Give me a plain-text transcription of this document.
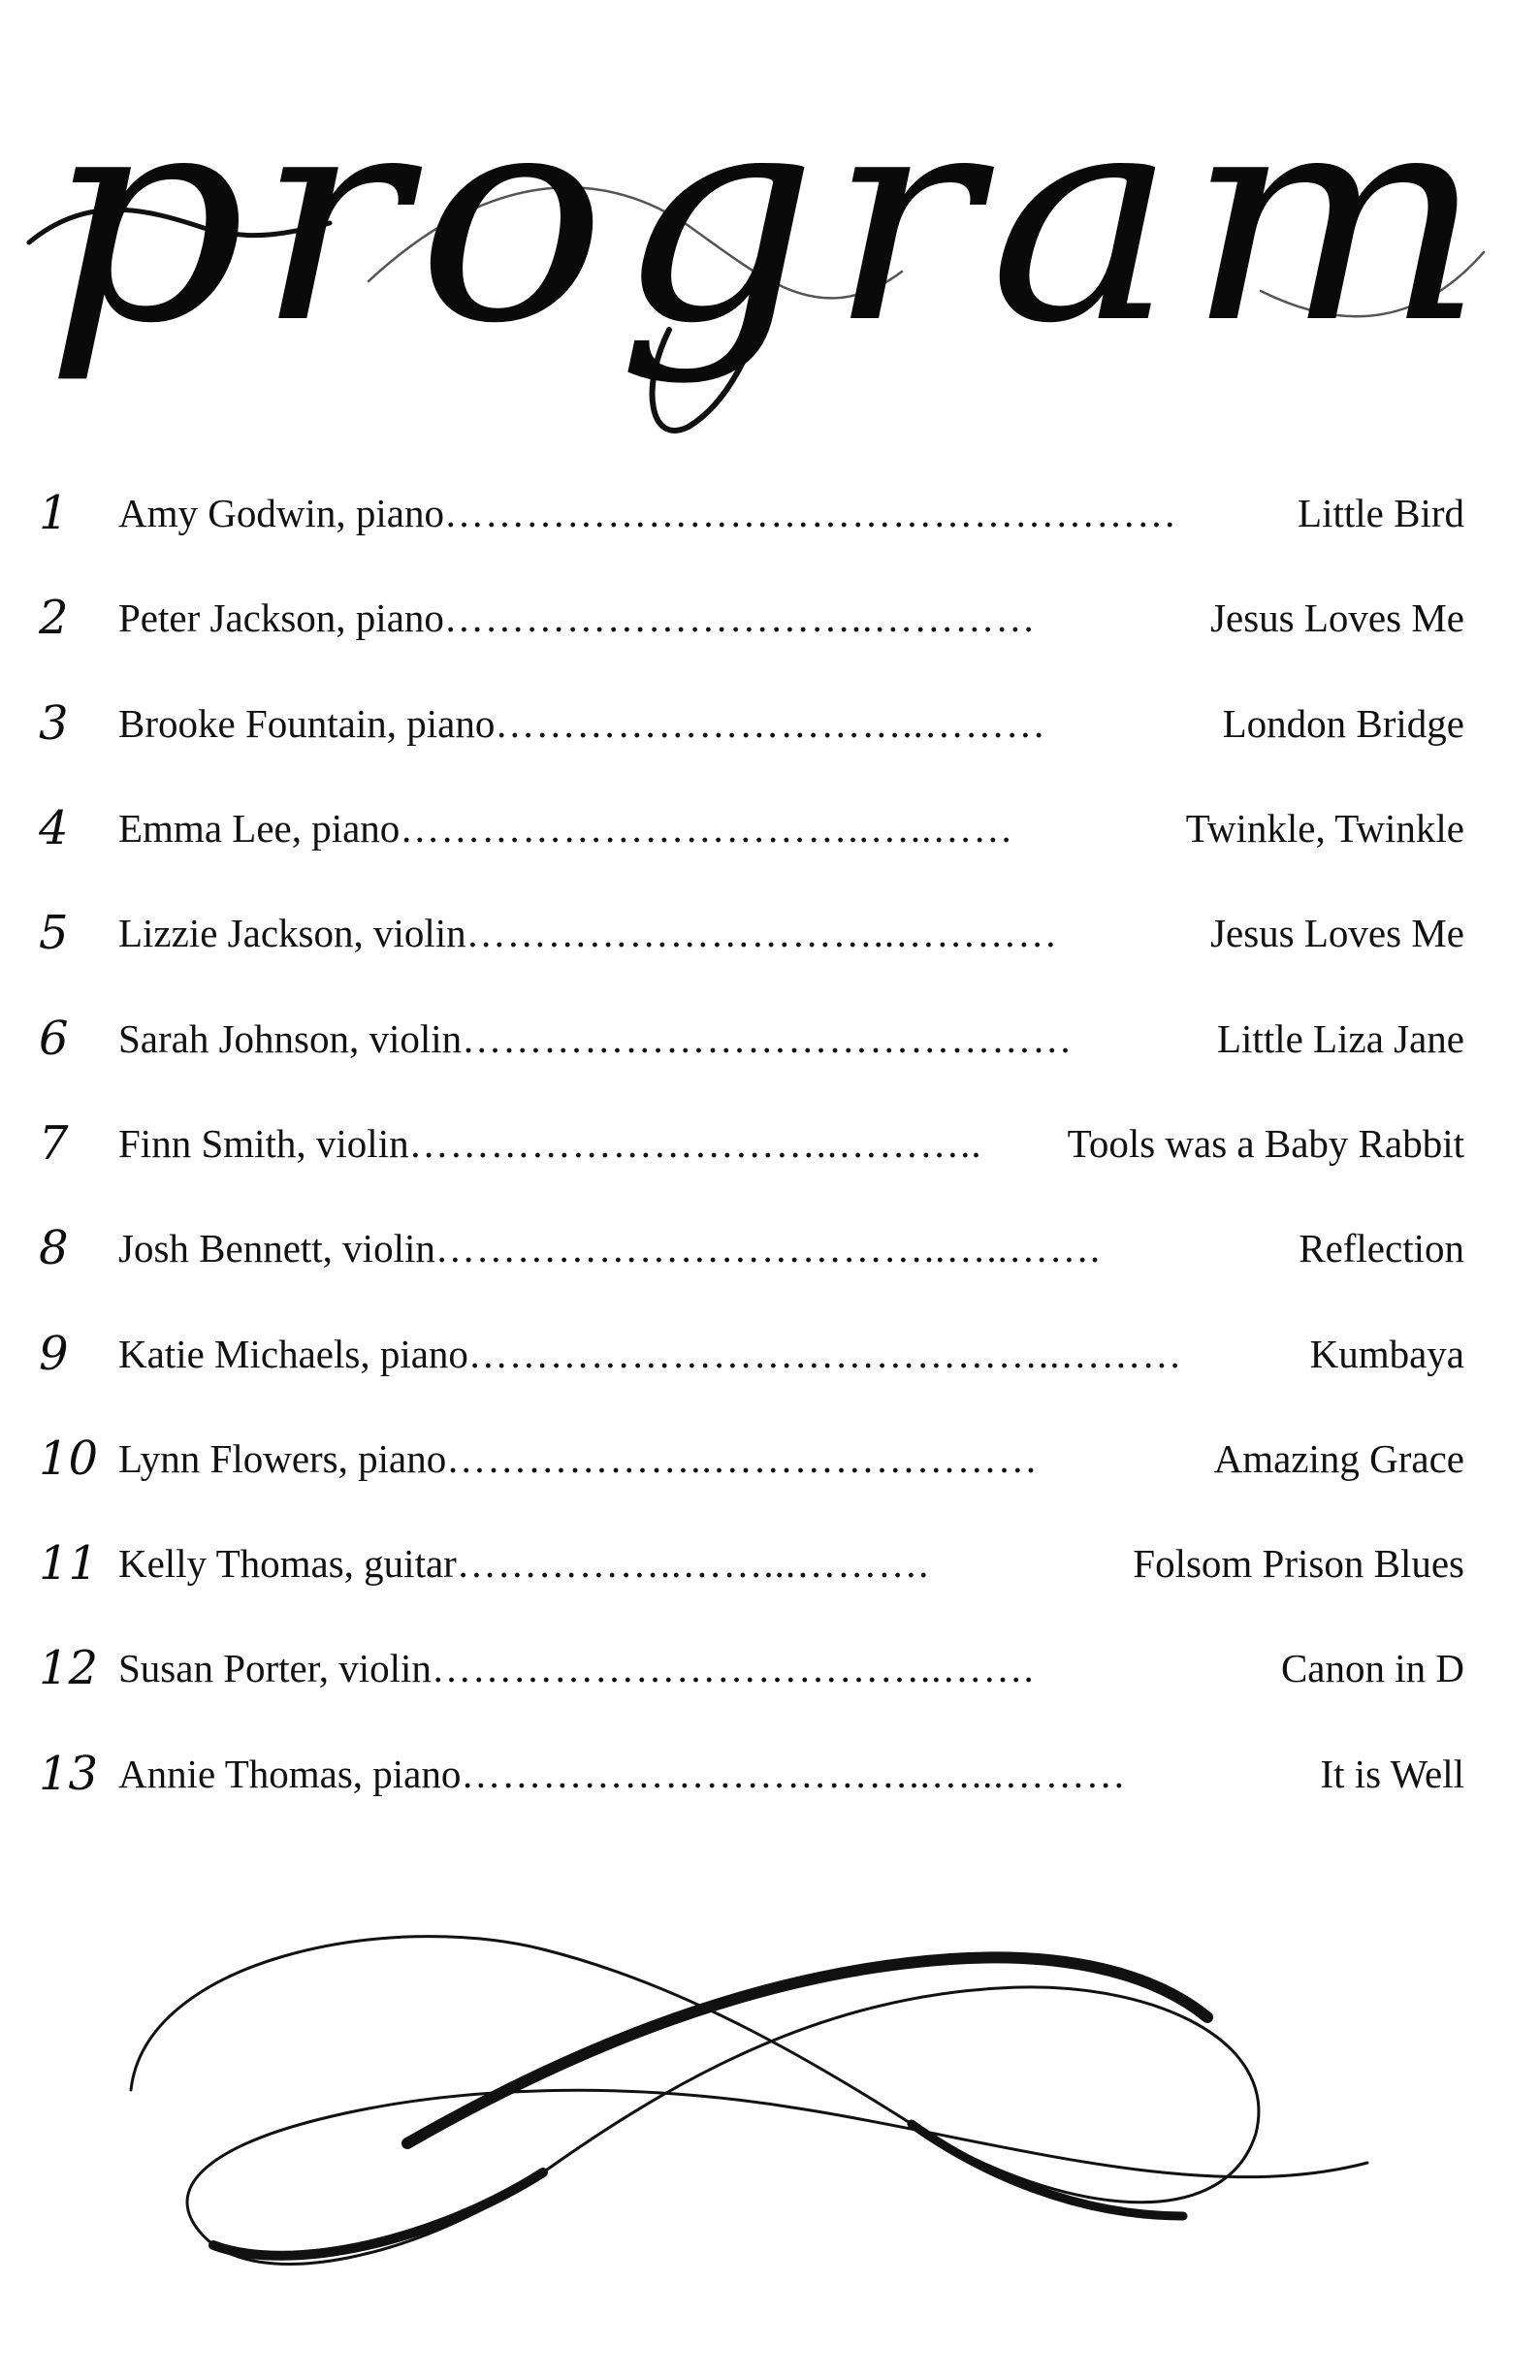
program
1	Amy Godwin, piano ………………………………………………	Little Bird
2	Peter Jackson, piano …………………………..…………	Jesus Loves Me
3	Brooke Fountain, piano …………………………..………	London Bridge
4	Emma Lee, piano ……………………………..…..……	Twinkle, Twinkle
5	Lizzie Jackson, violin …………………………..…………	Jesus Loves Me
6	Sarah Johnson, violin ………………………………………	Little Liza Jane
7	Finn Smith, violin …………………………..………..	Tools was a Baby Rabbit
8	Josh Bennett, violin ………………………………..…..…….	Reflection
9	Katie Michaels, piano ……………………………………..………	Kumbaya
10 Lynn Flowers, piano ………………..……………………	Amazing Grace
11 Kelly Thomas, guitar ……………..……...……….	Folsom Prison Blues
12 Susan Porter, violin ………………………………..…….	Canon in D
13 Annie Thomas, piano ……………………………..…...………	It is Well
